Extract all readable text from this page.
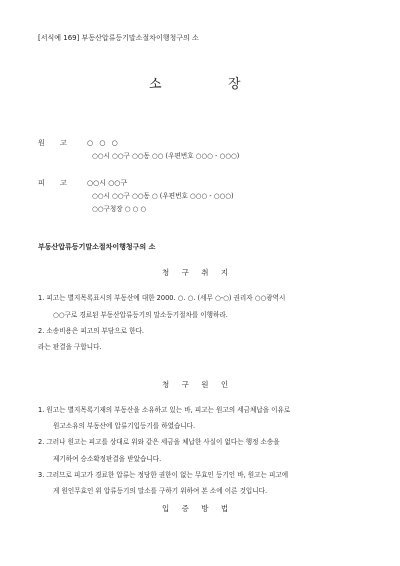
[서식예 169] 부동산압류등기말소절차이행청구의 소
소	장
원 고	○ ○ ○
○○시 ○○구 ○○동 ○○ (우편번호 ○○○ - ○○○)
피 고	○○시 ○○구
○○시 ○○구 ○○동 ○ (우편번호 ○○○ - ○○○)
○○구청장 ○ ○ ○
부동산압류등기말소절차이행청구의 소
청 구 취 지
1. 피고는 별지목록표시의 부동산에 대한 2000. ○. ○. (세무 ○-○) 권리자 ○○광역시
○○구로 경료된 부동산압류등기의 말소등기절차를 이행하라.
2. 소송비용은 피고의 부담으로 한다.
라는 판결을 구합니다.
청 구 원 인
1. 원고는 별지목록기재의 부동산을 소유하고 있는 바, 피고는 원고의 세금체납을 이유로
원고소유의 부동산에 압류기입등기를 하였습니다.
2. 그러나 원고는 피고를 상대로 위와 같은 세금을 체납한 사실이 없다는 행정 소송을
제기하여 승소확정판결을 받았습니다.
3. 그러므로 피고가 경료한 압류는 정당한 권한이 없는 무효인 등기인 바, 원고는 피고에
게 원인무효인 위 압류등기의 말소를 구하기 위하여 본 소에 이른 것입니다.
입 증 방 법
